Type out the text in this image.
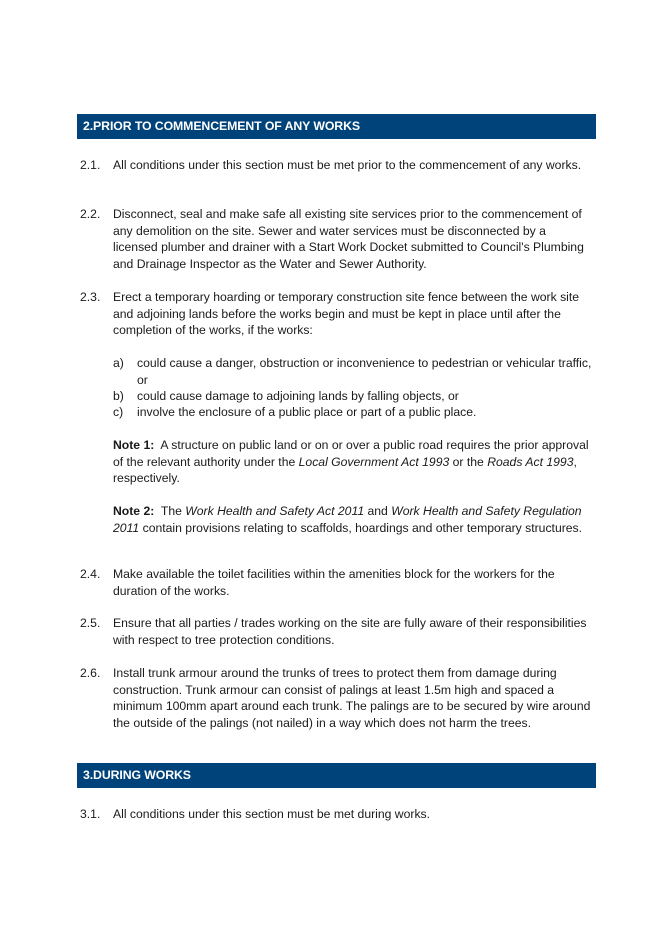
2.PRIOR TO COMMENCEMENT OF ANY WORKS
2.1.	All conditions under this section must be met prior to the commencement of any works.
2.2.	Disconnect, seal and make safe all existing site services prior to the commencement of any demolition on the site. Sewer and water services must be disconnected by a licensed plumber and drainer with a Start Work Docket submitted to Council's Plumbing and Drainage Inspector as the Water and Sewer Authority.
2.3.	Erect a temporary hoarding or temporary construction site fence between the work site and adjoining lands before the works begin and must be kept in place until after the completion of the works, if the works:
a) could cause a danger, obstruction or inconvenience to pedestrian or vehicular traffic, or
b) could cause damage to adjoining lands by falling objects, or
c) involve the enclosure of a public place or part of a public place.
Note 1: A structure on public land or on or over a public road requires the prior approval of the relevant authority under the Local Government Act 1993 or the Roads Act 1993, respectively.
Note 2: The Work Health and Safety Act 2011 and Work Health and Safety Regulation 2011 contain provisions relating to scaffolds, hoardings and other temporary structures.
2.4.	Make available the toilet facilities within the amenities block for the workers for the duration of the works.
2.5.	Ensure that all parties / trades working on the site are fully aware of their responsibilities with respect to tree protection conditions.
2.6.	Install trunk armour around the trunks of trees to protect them from damage during construction. Trunk armour can consist of palings at least 1.5m high and spaced a minimum 100mm apart around each trunk. The palings are to be secured by wire around the outside of the palings (not nailed) in a way which does not harm the trees.
3.DURING WORKS
3.1.	All conditions under this section must be met during works.
